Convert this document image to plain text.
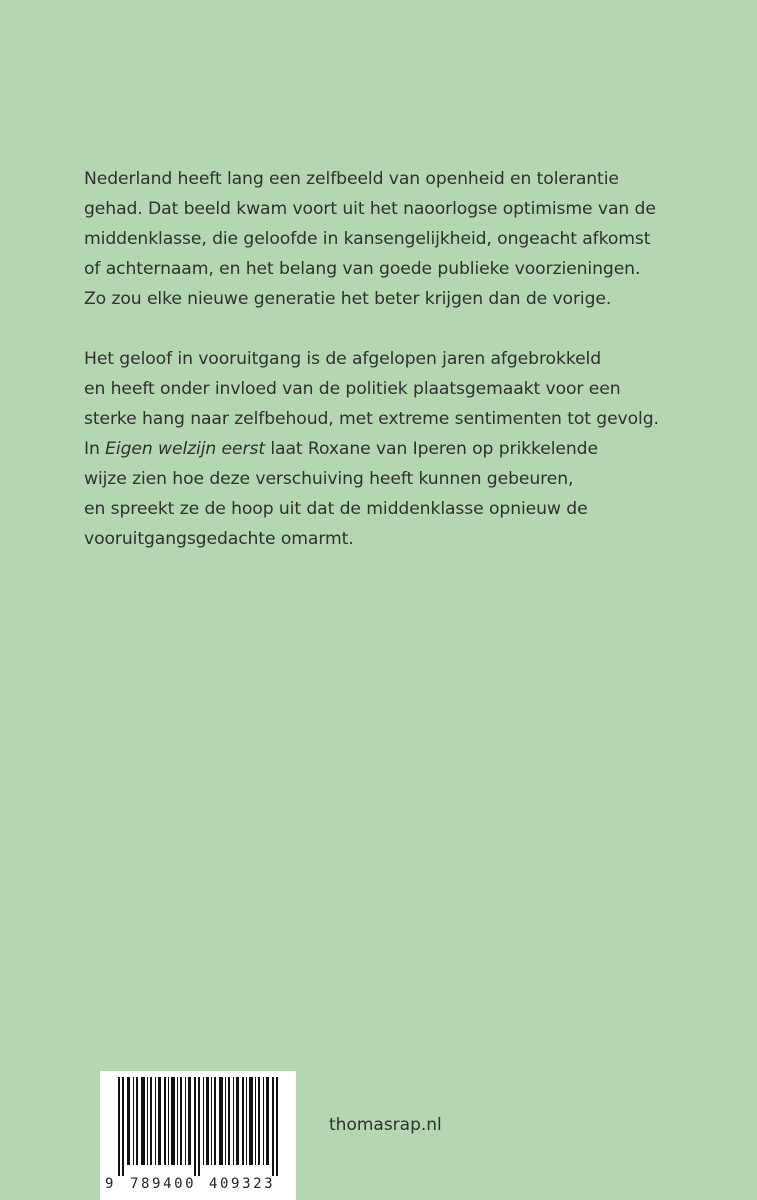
Nederland heeft lang een zelfbeeld van openheid en tolerantie
gehad. Dat beeld kwam voort uit het naoorlogse optimisme van de
middenklasse, die geloofde in kansengelijkheid, ongeacht afkomst
of achternaam, en het belang van goede publieke voorzieningen.
Zo zou elke nieuwe generatie het beter krijgen dan de vorige.

Het geloof in vooruitgang is de afgelopen jaren afgebrokkeld
en heeft onder invloed van de politiek plaatsgemaakt voor een
sterke hang naar zelfbehoud, met extreme sentimenten tot gevolg.
In Eigen welzijn eerst laat Roxane van Iperen op prikkelende
wijze zien hoe deze verschuiving heeft kunnen gebeuren,
en spreekt ze de hoop uit dat de middenklasse opnieuw de
vooruitgangsgedachte omarmt.

9 789400 409323
thomasrap.nl
